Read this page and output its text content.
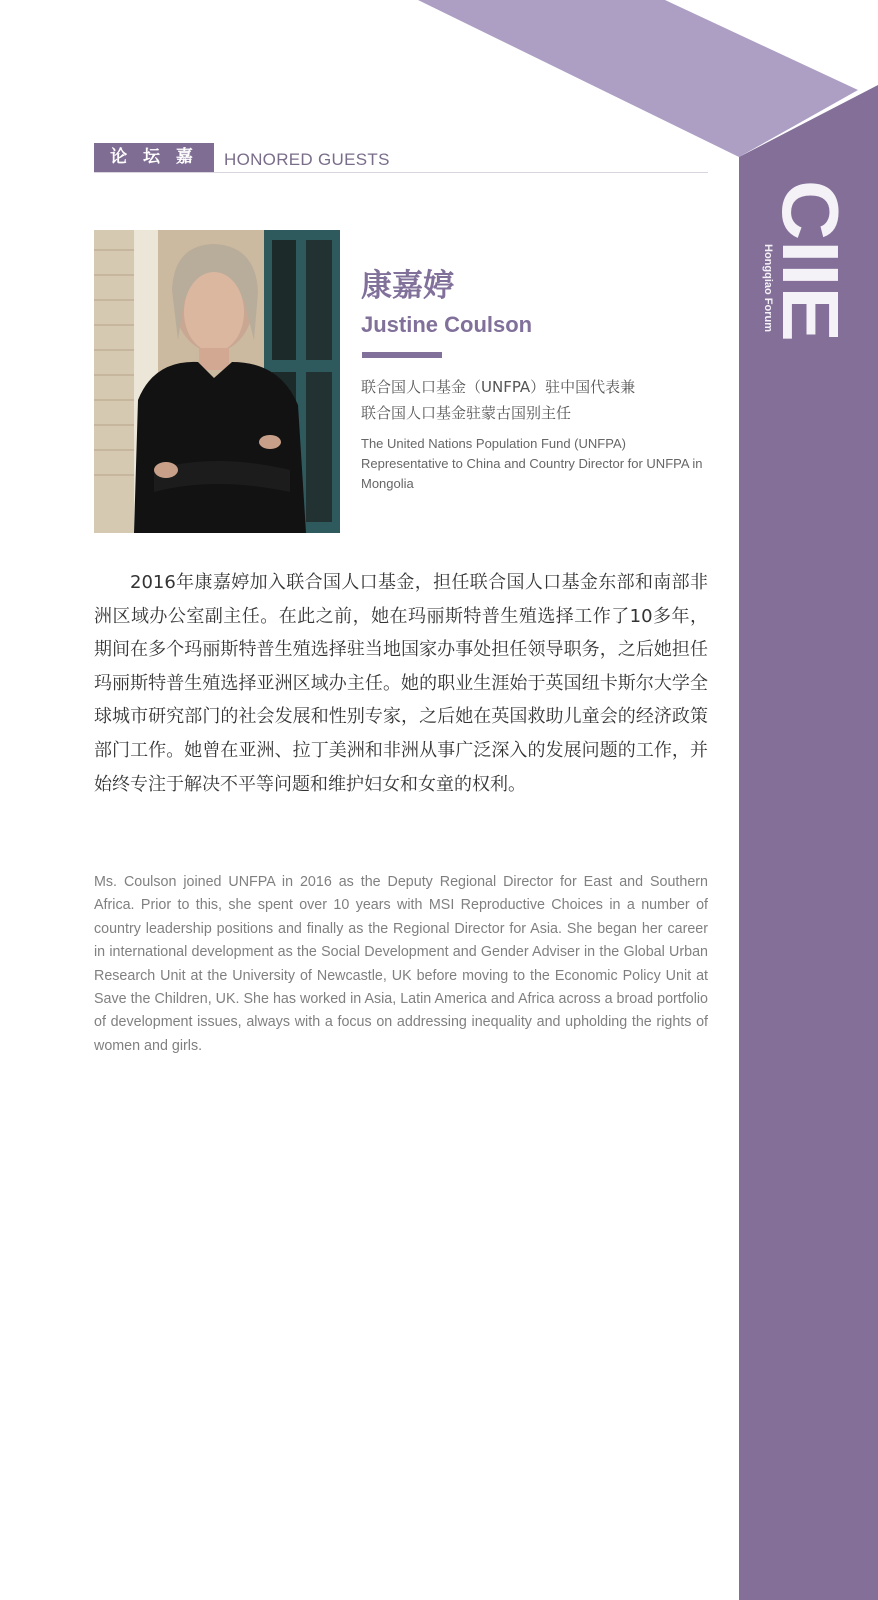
CIIE
Hongqiao Forum
论 坛 嘉 宾
HONORED GUESTS
康嘉婷
Justine Coulson
联合国人口基金（UNFPA）驻中国代表兼
联合国人口基金驻蒙古国别主任
The United Nations Population Fund (UNFPA) Representative to China and Country Director for UNFPA in Mongolia
2016年康嘉婷加入联合国人口基金，担任联合国人口基金东部和南部非洲区域办公室副主任。在此之前，她在玛丽斯特普生殖选择工作了10多年，期间在多个玛丽斯特普生殖选择驻当地国家办事处担任领导职务，之后她担任玛丽斯特普生殖选择亚洲区域办主任。她的职业生涯始于英国纽卡斯尔大学全球城市研究部门的社会发展和性别专家，之后她在英国救助儿童会的经济政策部门工作。她曾在亚洲、拉丁美洲和非洲从事广泛深入的发展问题的工作，并始终专注于解决不平等问题和维护妇女和女童的权利。
Ms. Coulson joined UNFPA in 2016 as the Deputy Regional Director for East and Southern Africa. Prior to this, she spent over 10 years with MSI Reproductive Choices in a number of country leadership positions and finally as the Regional Director for Asia. She began her career in international development as the Social Development and Gender Adviser in the Global Urban Research Unit at the University of Newcastle, UK before moving to the Economic Policy Unit at Save the Children, UK. She has worked in Asia, Latin America and Africa across a broad portfolio of development issues, always with a focus on addressing inequality and upholding the rights of women and girls.
